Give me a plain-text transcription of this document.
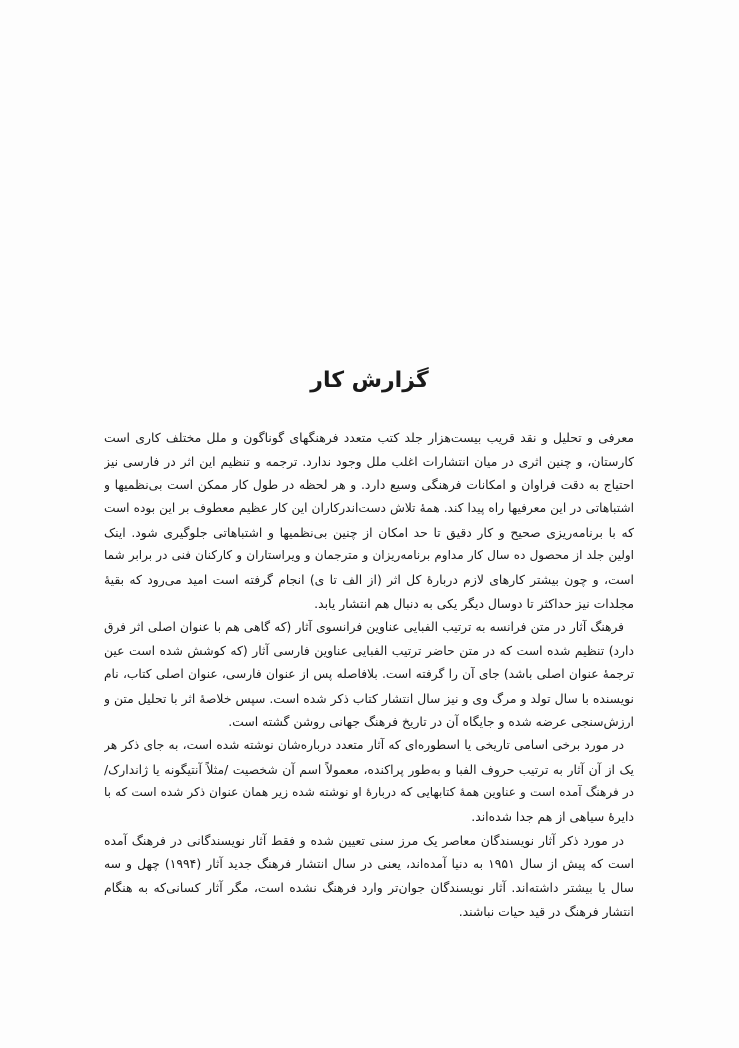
گزارش کار
معرفی و تحلیل و نقد قریب بیست‌هزار جلد کتب متعدد فرهنگهای گوناگون و ملل مختلف کاری است
کارستان، و چنین اثری در میان انتشارات اغلب ملل وجود ندارد. ترجمه و تنظیم این اثر در فارسی نیز
احتیاج به دقت فراوان و امکانات فرهنگی وسیع دارد. و هر لحظه در طول کار ممکن است بی‌نظمیها و
اشتباهاتی در این معرفیها راه پیدا کند. همهٔ تلاش دست‌اندرکاران این کار عظیم معطوف بر این بوده است
که با برنامه‌ریزی صحیح و کار دقیق تا حد امکان از چنین بی‌نظمیها و اشتباهاتی جلوگیری شود. اینک
اولین جلد از محصول ده سال کار مداوم برنامه‌ریزان و مترجمان و ویراستاران و کارکنان فنی در برابر شما
است، و چون بیشتر کارهای لازم دربارهٔ کل اثر (از الف تا ی) انجام گرفته است امید می‌رود که بقیهٔ
مجلدات نیز حداکثر تا دوسال دیگر یکی به دنبال هم انتشار یابد.
فرهنگ آثار در متن فرانسه به ترتیب الفبایی عناوین فرانسوی آثار (که گاهی هم با عنوان اصلی اثر فرق
دارد) تنظیم شده است که در متن حاضر ترتیب الفبایی عناوین فارسی آثار (که کوشش شده است عین
ترجمهٔ عنوان اصلی باشد) جای آن را گرفته است. بلافاصله پس از عنوان فارسی، عنوان اصلی کتاب، نام
نویسنده با سال تولد و مرگ وی و نیز سال انتشار کتاب ذکر شده است. سپس خلاصهٔ اثر با تحلیل متن و
ارزش‌سنجی عرضه شده و جایگاه آن در تاریخ فرهنگ جهانی روشن گشته است.
در مورد برخی اسامی تاریخی یا اسطوره‌ای که آثار متعدد درباره‌شان نوشته شده است، به جای ذکر هر
یک از آن آثار به ترتیب حروف الفبا و به‌طور پراکنده، معمولاً اسم آن شخصیت /مثلاً آنتیگونه یا ژاندارک/
در فرهنگ آمده است و عناوین همهٔ کتابهایی که دربارهٔ او نوشته شده زیر همان عنوان ذکر شده است که با
دایرهٔ سیاهی از هم جدا شده‌اند.
در مورد ذکر آثار نویسندگان معاصر یک مرز سنی تعیین شده و فقط آثار نویسندگانی در فرهنگ آمده
است که پیش از سال ۱۹۵۱ به دنیا آمده‌اند، یعنی در سال انتشار فرهنگ جدید آثار (۱۹۹۴) چهل و سه
سال یا بیشتر داشته‌اند. آثار نویسندگان جوان‌تر وارد فرهنگ نشده است، مگر آثار کسانی‌که به هنگام
انتشار فرهنگ در قید حیات نباشند.
